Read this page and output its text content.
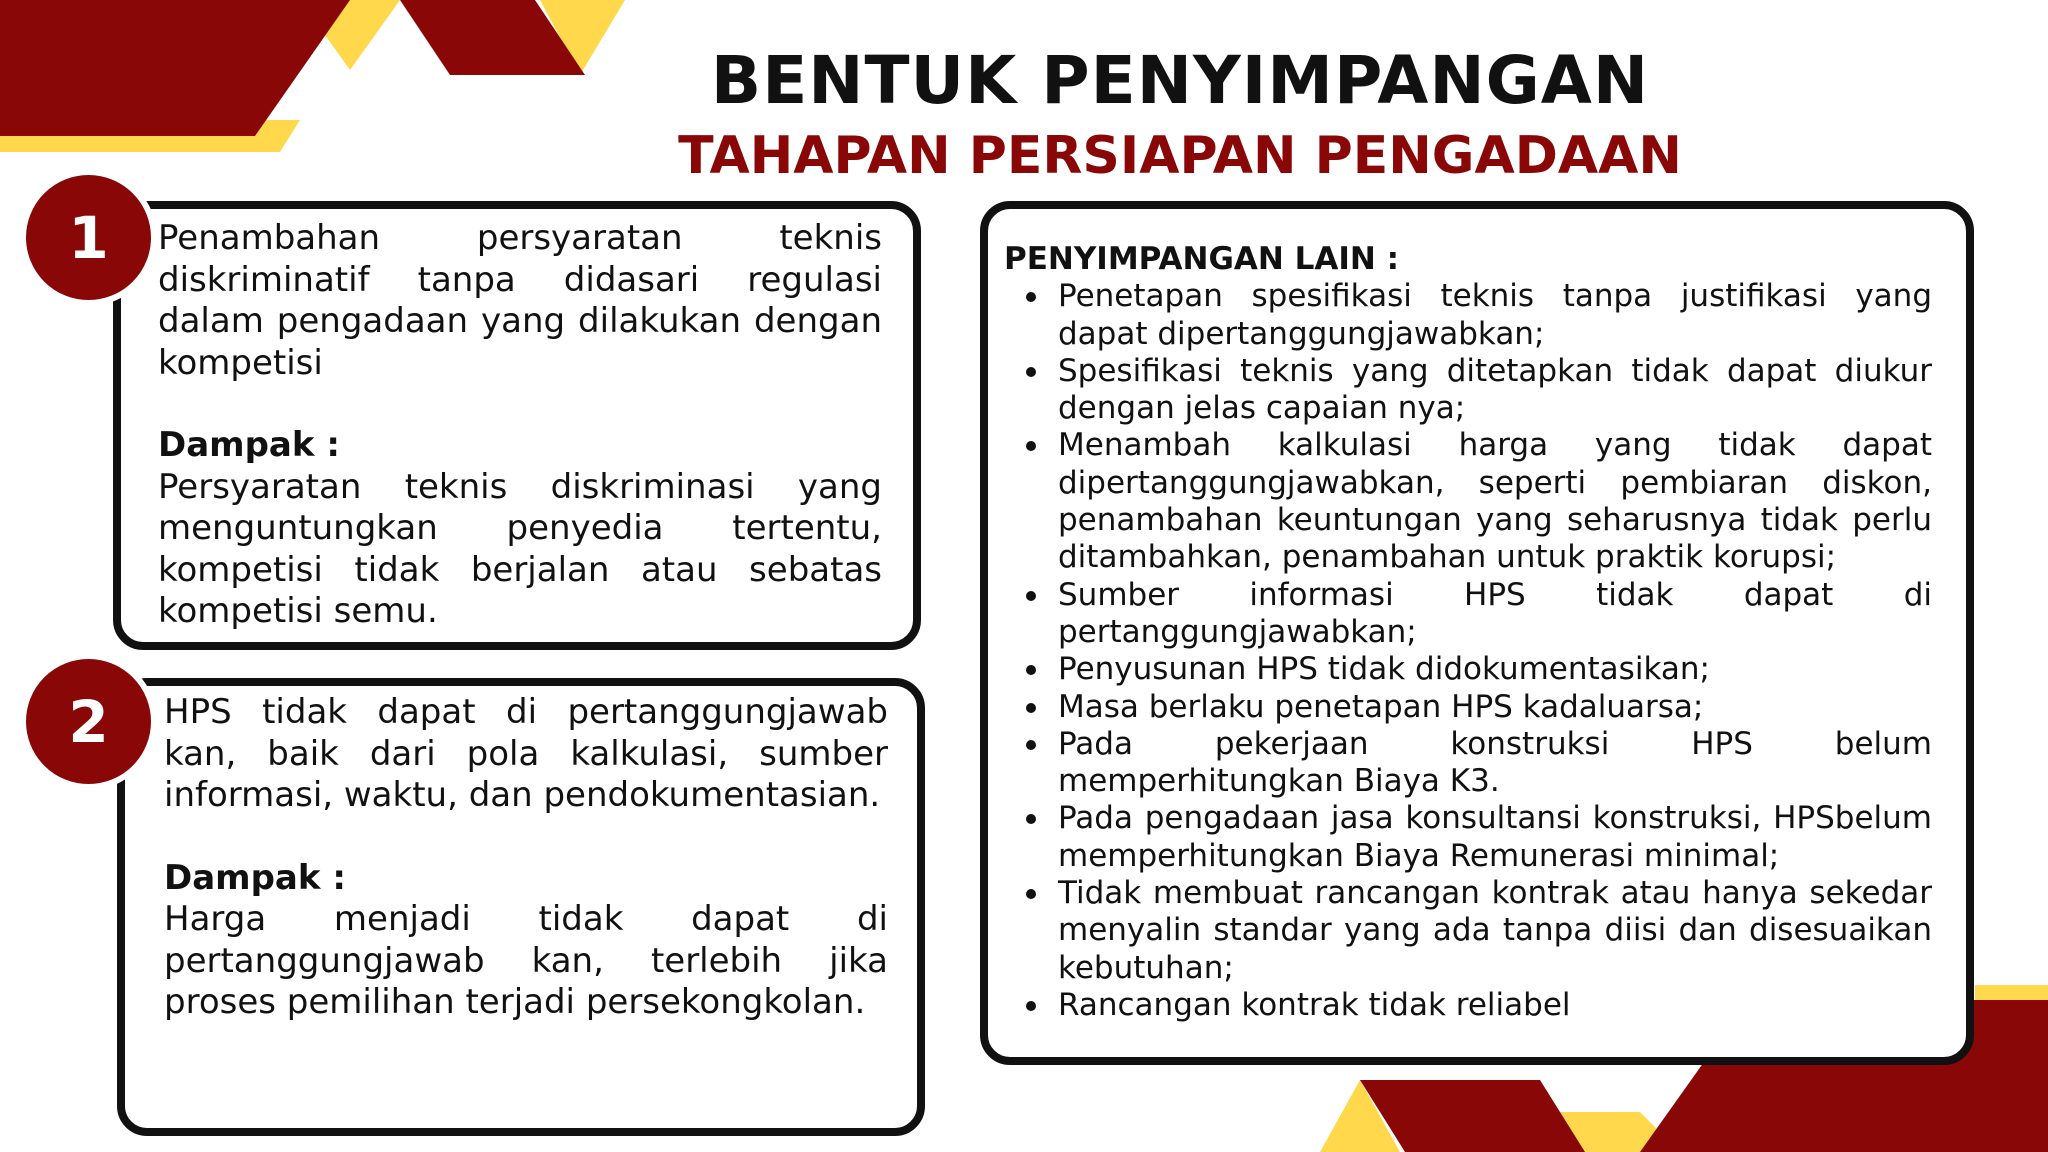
BENTUK PENYIMPANGAN
TAHAPAN PERSIAPAN PENGADAAN
1
2

Penambahan persyaratan teknis diskriminatif tanpa didasari regulasi dalam pengadaan yang dilakukan dengan kompetisi

Dampak :

Persyaratan teknis diskriminasi yang menguntungkan penyedia tertentu, kompetisi tidak berjalan atau sebatas kompetisi semu.

HPS tidak dapat di pertanggungjawab kan, baik dari pola kalkulasi, sumber informasi, waktu, dan pendokumentasian.

Dampak :

Harga menjadi tidak dapat di pertanggungjawab kan, terlebih jika proses pemilihan terjadi persekongkolan.

PENYIMPANGAN LAIN :

Penetapan spesifikasi teknis tanpa justifikasi yang dapat dipertanggungjawabkan;
Spesifikasi teknis yang ditetapkan tidak dapat diukur dengan jelas capaian nya;
Menambah kalkulasi harga yang tidak dapat dipertanggungjawabkan, seperti pembiaran diskon, penambahan keuntungan yang seharusnya tidak perlu ditambahkan, penambahan untuk praktik korupsi;
Sumber informasi HPS tidak dapat di pertanggungjawabkan;
Penyusunan HPS tidak didokumentasikan;
Masa berlaku penetapan HPS kadaluarsa;
Pada pekerjaan konstruksi HPS belum memperhitungkan Biaya K3.
Pada pengadaan jasa konsultansi konstruksi, HPSbelum memperhitungkan Biaya Remunerasi minimal;
Tidak membuat rancangan kontrak atau hanya sekedar menyalin standar yang ada tanpa diisi dan disesuaikan kebutuhan;
Rancangan kontrak tidak reliabel
